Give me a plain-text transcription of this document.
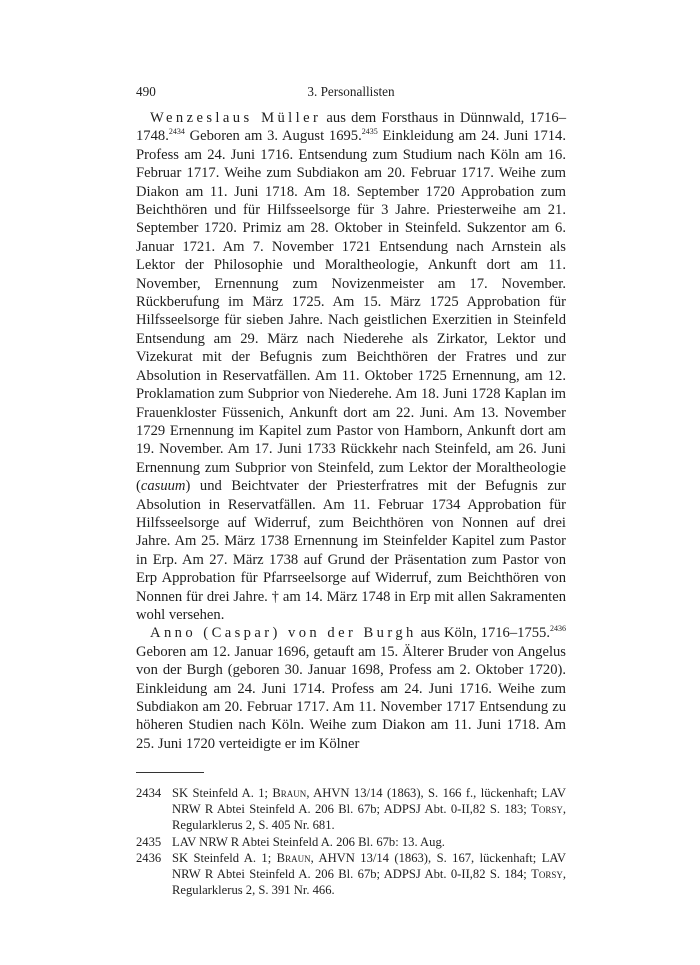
490	3. Personallisten

Wenzeslaus Müller aus dem Forsthaus in Dünnwald, 1716–1748.$^{2434}$ Geboren am 3. August 1695.$^{2435}$ Einkleidung am 24. Juni 1714. Profess am 24. Juni 1716. Entsendung zum Studium nach Köln am 16. Februar 1717. Weihe zum Subdiakon am 20. Februar 1717. Weihe zum Diakon am 11. Juni 1718. Am 18. September 1720 Approbation zum Beichthören und für Hilfsseelsorge für 3 Jahre. Priesterweihe am 21. September 1720. Primiz am 28. Oktober in Steinfeld. Sukzentor am 6. Januar 1721. Am 7. November 1721 Entsendung nach Arnstein als Lektor der Philosophie und Moraltheologie, Ankunft dort am 11. November, Ernennung zum Novizenmeister am 17. November. Rückberufung im März 1725. Am 15. März 1725 Approbation für Hilfsseelsorge für sieben Jahre. Nach geistlichen Exerzitien in Steinfeld Entsendung am 29. März nach Niederehe als Zirkator, Lektor und Vizekurat mit der Befugnis zum Beichthören der Fratres und zur Absolution in Reservatfällen. Am 11. Oktober 1725 Ernennung, am 12. Proklamation zum Subprior von Niederehe. Am 18. Juni 1728 Kaplan im Frauenkloster Füssenich, Ankunft dort am 22. Juni. Am 13. November 1729 Ernennung im Kapitel zum Pastor von Hamborn, Ankunft dort am 19. November. Am 17. Juni 1733 Rückkehr nach Steinfeld, am 26. Juni Ernennung zum Subprior von Steinfeld, zum Lektor der Moraltheologie (casuum) und Beichtvater der Priesterfratres mit der Befugnis zur Absolution in Reservatfällen. Am 11. Februar 1734 Approbation für Hilfsseelsorge auf Widerruf, zum Beichthören von Nonnen auf drei Jahre. Am 25. März 1738 Ernennung im Steinfelder Kapitel zum Pastor in Erp. Am 27. März 1738 auf Grund der Präsentation zum Pastor von Erp Approbation für Pfarrseelsorge auf Widerruf, zum Beichthören von Nonnen für drei Jahre. † am 14. März 1748 in Erp mit allen Sakramenten wohl versehen.

Anno (Caspar) von der Burgh aus Köln, 1716–1755.$^{2436}$ Geboren am 12. Januar 1696, getauft am 15. Älterer Bruder von Angelus von der Burgh (geboren 30. Januar 1698, Profess am 2. Oktober 1720). Einkleidung am 24. Juni 1714. Profess am 24. Juni 1716. Weihe zum Subdiakon am 20. Februar 1717. Am 11. November 1717 Entsendung zu höheren Studien nach Köln. Weihe zum Diakon am 11. Juni 1718. Am 25. Juni 1720 verteidigte er im Kölner

2434 SK Steinfeld A. 1; Braun, AHVN 13/14 (1863), S. 166 f., lückenhaft; LAV NRW R Abtei Steinfeld A. 206 Bl. 67b; ADPSJ Abt. 0-II,82 S. 183; Torsy, Regularklerus 2, S. 405 Nr. 681.
2435 LAV NRW R Abtei Steinfeld A. 206 Bl. 67b: 13. Aug.
2436 SK Steinfeld A. 1; Braun, AHVN 13/14 (1863), S. 167, lückenhaft; LAV NRW R Abtei Steinfeld A. 206 Bl. 67b; ADPSJ Abt. 0-II,82 S. 184; Torsy, Regularklerus 2, S. 391 Nr. 466.
